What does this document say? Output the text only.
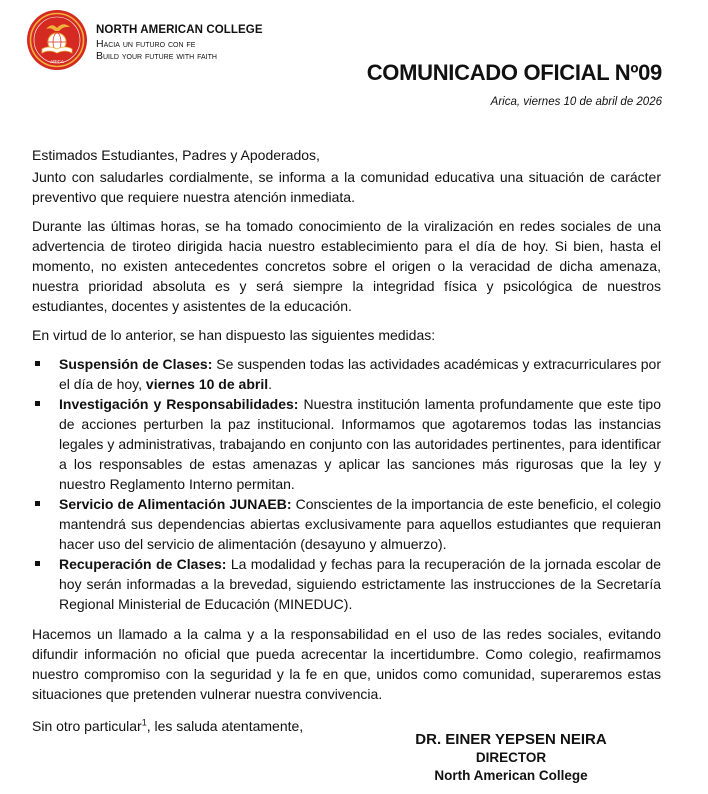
ARICA
NORTH AMERICAN COLLEGE
Hacia un futuro con fe
Build your future with faith
COMUNICADO OFICIAL Nº09
Arica, viernes 10 de abril de 2026

Estimados Estudiantes, Padres y Apoderados,

Junto con saludarles cordialmente, se informa a la comunidad educativa una situación de carácter preventivo que requiere nuestra atención inmediata.

Durante las últimas horas, se ha tomado conocimiento de la viralización en redes sociales de una advertencia de tiroteo dirigida hacia nuestro establecimiento para el día de hoy. Si bien, hasta el momento, no existen antecedentes concretos sobre el origen o la veracidad de dicha amenaza, nuestra prioridad absoluta es y será siempre la integridad física y psicológica de nuestros estudiantes, docentes y asistentes de la educación.

En virtud de lo anterior, se han dispuesto las siguientes medidas:

Suspensión de Clases: Se suspenden todas las actividades académicas y extracurriculares por el día de hoy, viernes 10 de abril.
Investigación y Responsabilidades: Nuestra institución lamenta profundamente que este tipo de acciones perturben la paz institucional. Informamos que agotaremos todas las instancias legales y administrativas, trabajando en conjunto con las autoridades pertinentes, para identificar a los responsables de estas amenazas y aplicar las sanciones más rigurosas que la ley y nuestro Reglamento Interno permitan.
Servicio de Alimentación JUNAEB: Conscientes de la importancia de este beneficio, el colegio mantendrá sus dependencias abiertas exclusivamente para aquellos estudiantes que requieran hacer uso del servicio de alimentación (desayuno y almuerzo).
Recuperación de Clases: La modalidad y fechas para la recuperación de la jornada escolar de hoy serán informadas a la brevedad, siguiendo estrictamente las instrucciones de la Secretaría Regional Ministerial de Educación (MINEDUC).

Hacemos un llamado a la calma y a la responsabilidad en el uso de las redes sociales, evitando difundir información no oficial que pueda acrecentar la incertidumbre. Como colegio, reafirmamos nuestro compromiso con la seguridad y la fe en que, unidos como comunidad, superaremos estas situaciones que pretenden vulnerar nuestra convivencia.

Sin otro particular$^1$, les saluda atentamente,

DR. EINER YEPSEN NEIRA
DIRECTOR
North American College
